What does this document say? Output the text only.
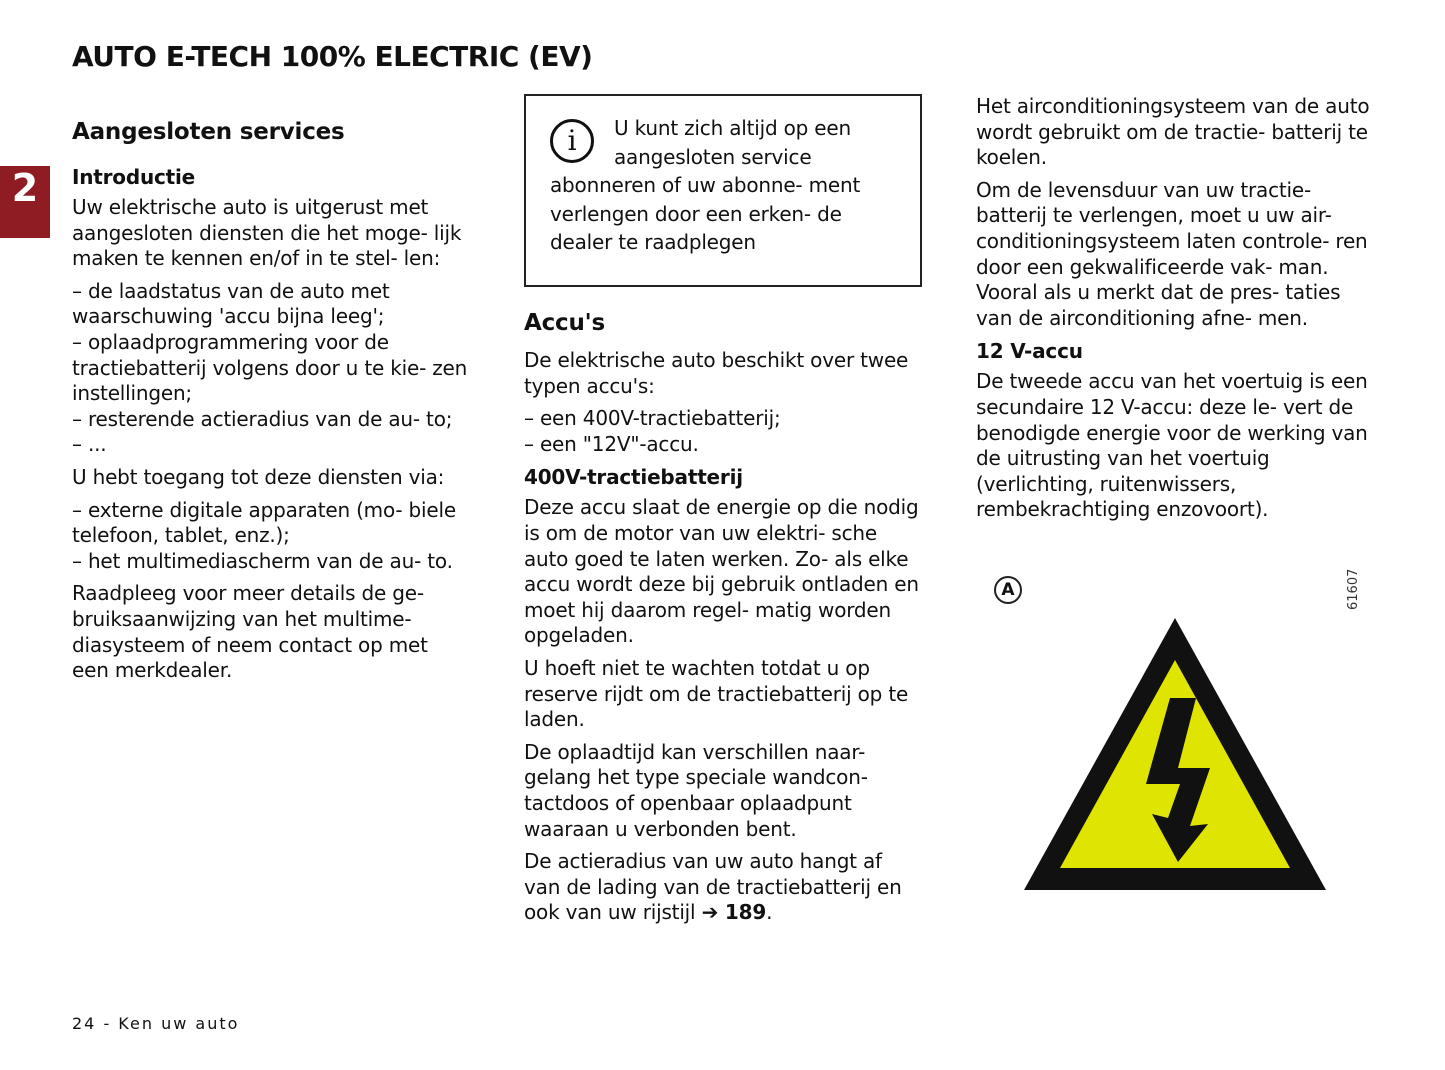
AUTO E-TECH 100% ELECTRIC (EV)
2
Aangesloten services
Introductie

Uw elektrische auto is uitgerust met aangesloten diensten die het moge- lijk maken te kennen en/of in te stel- len:

– de laadstatus van de auto met waarschuwing 'accu bijna leeg';
– oplaadprogrammering voor de tractiebatterij volgens door u te kie- zen instellingen;
– resterende actieradius van de au- to;
– ...

U hebt toegang tot deze diensten via:

– externe digitale apparaten (mo- biele telefoon, tablet, enz.);
– het multimediascherm van de au- to.

Raadpleeg voor meer details de ge- bruiksaanwijzing van het multime- diasysteem of neem contact op met een merkdealer.

i	U kunt zich altijd op een aangesloten service abonneren of uw abonne- ment verlengen door een erken- de dealer te raadplegen

Accu's

De elektrische auto beschikt over twee typen accu's:

– een 400V-tractiebatterij;
– een "12V"-accu.
400V-tractiebatterij

Deze accu slaat de energie op die nodig is om de motor van uw elektri- sche auto goed te laten werken. Zo- als elke accu wordt deze bij gebruik ontladen en moet hij daarom regel- matig worden opgeladen.

U hoeft niet te wachten totdat u op reserve rijdt om de tractiebatterij op te laden.

De oplaadtijd kan verschillen naar- gelang het type speciale wandcon- tactdoos of openbaar oplaadpunt waaraan u verbonden bent.

De actieradius van uw auto hangt af van de lading van de tractiebatterij en ook van uw rijstijl ➔ 189.

Het airconditioningsysteem van de auto wordt gebruikt om de tractie- batterij te koelen.

Om de levensduur van uw tractie- batterij te verlengen, moet u uw air- conditioningsysteem laten controle- ren door een gekwalificeerde vak- man. Vooral als u merkt dat de pres- taties van de airconditioning afne- men.

12 V-accu

De tweede accu van het voertuig is een secundaire 12 V-accu: deze le- vert de benodigde energie voor de werking van de uitrusting van het voertuig (verlichting, ruitenwissers, rembekrachtiging enzovoort).

A	61607
24 - Ken uw auto
